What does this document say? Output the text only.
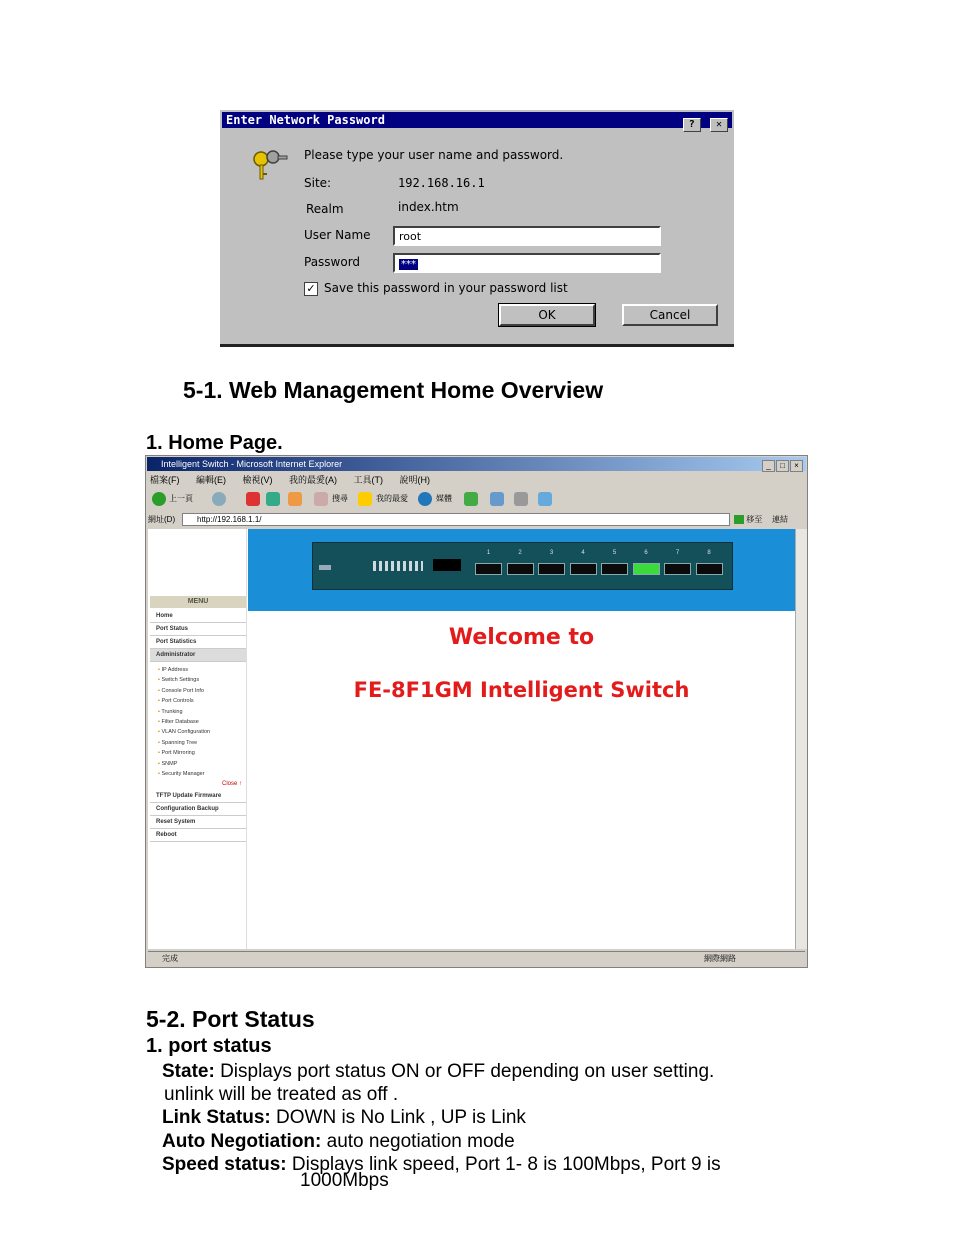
Enter Network Password	? ✕
Please type your user name and password.
Site:	192.168.16.1
Realm	index.htm
User Name	root
Password	***
✓ Save this password in your password list
OK	Cancel
5-1. Web Management Home Overview
1. Home Page.
Intelligent Switch - Microsoft Internet Explorer	_ □ ×
檔案(F) 編輯(E) 檢視(V) 我的最愛(A) 工具(T) 說明(H)
上一頁	搜尋	我的最愛	媒體
網址(D)	http://192.168.1.1/	移至 連結
MENU
Home
Port Status
Port Statistics
Administrator
• IP Address
• Switch Settings
• Console Port Info
• Port Controls
• Trunking
• Filter Database
• VLAN Configuration
• Spanning Tree
• Port Mirroring
• SNMP
• Security Manager
Close ↑
TFTP Update Firmware
Configuration Backup
Reset System
Reboot
1	2	3	4	5	6	7	8
Welcome to
FE-8F1GM Intelligent Switch
完成	網際網路
5-2. Port Status
1. port status
State: Displays port status ON or OFF depending on user setting.
unlink will be treated as off .
Link Status: DOWN is No Link , UP is Link
Auto Negotiation: auto negotiation mode
Speed status: Displays link speed, Port 1- 8 is 100Mbps, Port 9 is
1000Mbps
